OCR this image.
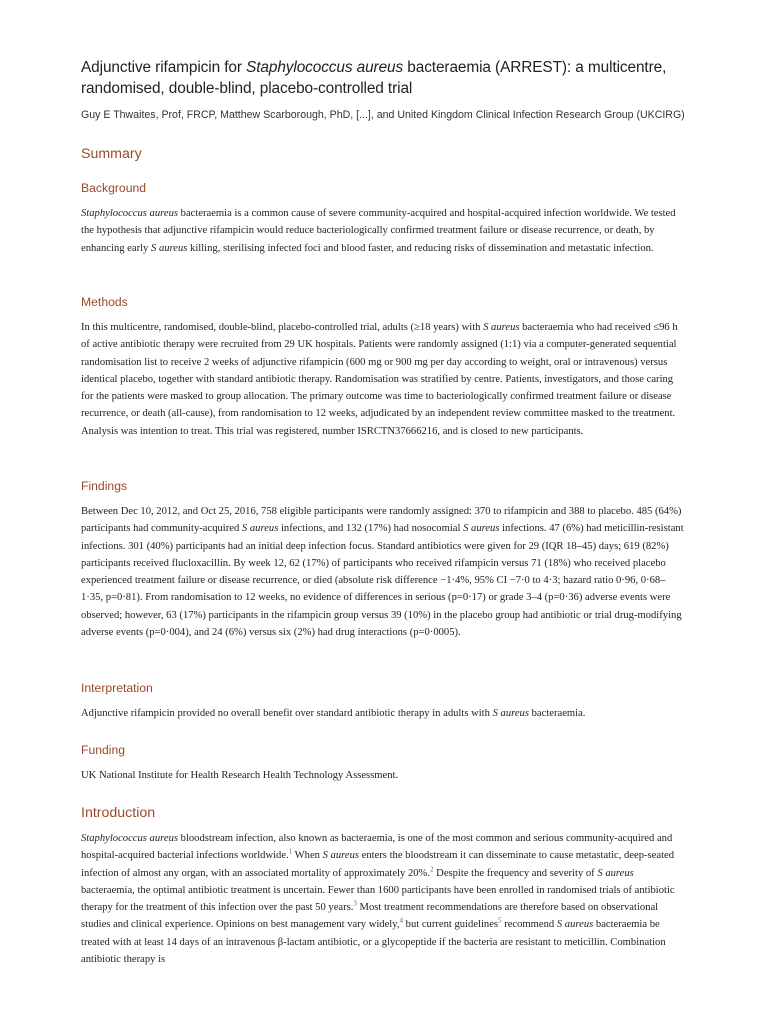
Adjunctive rifampicin for Staphylococcus aureus bacteraemia (ARREST): a multicentre, randomised, double-blind, placebo-controlled trial

Guy E Thwaites, Prof, FRCP, Matthew Scarborough, PhD, [...], and United Kingdom Clinical Infection Research Group (UKCIRG)

Summary
Background

Staphylococcus aureus bacteraemia is a common cause of severe community-acquired and hospital-acquired infection worldwide. We tested the hypothesis that adjunctive rifampicin would reduce bacteriologically confirmed treatment failure or disease recurrence, or death, by enhancing early S aureus killing, sterilising infected foci and blood faster, and reducing risks of dissemination and metastatic infection.

Methods

In this multicentre, randomised, double-blind, placebo-controlled trial, adults (≥18 years) with S aureus bacteraemia who had received ≤96 h of active antibiotic therapy were recruited from 29 UK hospitals. Patients were randomly assigned (1:1) via a computer-generated sequential randomisation list to receive 2 weeks of adjunctive rifampicin (600 mg or 900 mg per day according to weight, oral or intravenous) versus identical placebo, together with standard antibiotic therapy. Randomisation was stratified by centre. Patients, investigators, and those caring for the patients were masked to group allocation. The primary outcome was time to bacteriologically confirmed treatment failure or disease recurrence, or death (all-cause), from randomisation to 12 weeks, adjudicated by an independent review committee masked to the treatment. Analysis was intention to treat. This trial was registered, number ISRCTN37666216, and is closed to new participants.

Findings

Between Dec 10, 2012, and Oct 25, 2016, 758 eligible participants were randomly assigned: 370 to rifampicin and 388 to placebo. 485 (64%) participants had community-acquired S aureus infections, and 132 (17%) had nosocomial S aureus infections. 47 (6%) had meticillin-resistant infections. 301 (40%) participants had an initial deep infection focus. Standard antibiotics were given for 29 (IQR 18–45) days; 619 (82%) participants received flucloxacillin. By week 12, 62 (17%) of participants who received rifampicin versus 71 (18%) who received placebo experienced treatment failure or disease recurrence, or died (absolute risk difference −1·4%, 95% CI −7·0 to 4·3; hazard ratio 0·96, 0·68–1·35, p=0·81). From randomisation to 12 weeks, no evidence of differences in serious (p=0·17) or grade 3–4 (p=0·36) adverse events were observed; however, 63 (17%) participants in the rifampicin group versus 39 (10%) in the placebo group had antibiotic or trial drug-modifying adverse events (p=0·004), and 24 (6%) versus six (2%) had drug interactions (p=0·0005).

Interpretation

Adjunctive rifampicin provided no overall benefit over standard antibiotic therapy in adults with S aureus bacteraemia.

Funding

UK National Institute for Health Research Health Technology Assessment.

Introduction

Staphylococcus aureus bloodstream infection, also known as bacteraemia, is one of the most common and serious community-acquired and hospital-acquired bacterial infections worldwide.$^1$ When S aureus enters the bloodstream it can disseminate to cause metastatic, deep-seated infection of almost any organ, with an associated mortality of approximately 20%.$^2$ Despite the frequency and severity of S aureus bacteraemia, the optimal antibiotic treatment is uncertain. Fewer than 1600 participants have been enrolled in randomised trials of antibiotic therapy for the treatment of this infection over the past 50 years.$^3$ Most treatment recommendations are therefore based on observational studies and clinical experience. Opinions on best management vary widely,$^4$ but current guidelines$^5$ recommend S aureus bacteraemia be treated with at least 14 days of an intravenous β-lactam antibiotic, or a glycopeptide if the bacteria are resistant to meticillin. Combination antibiotic therapy is
